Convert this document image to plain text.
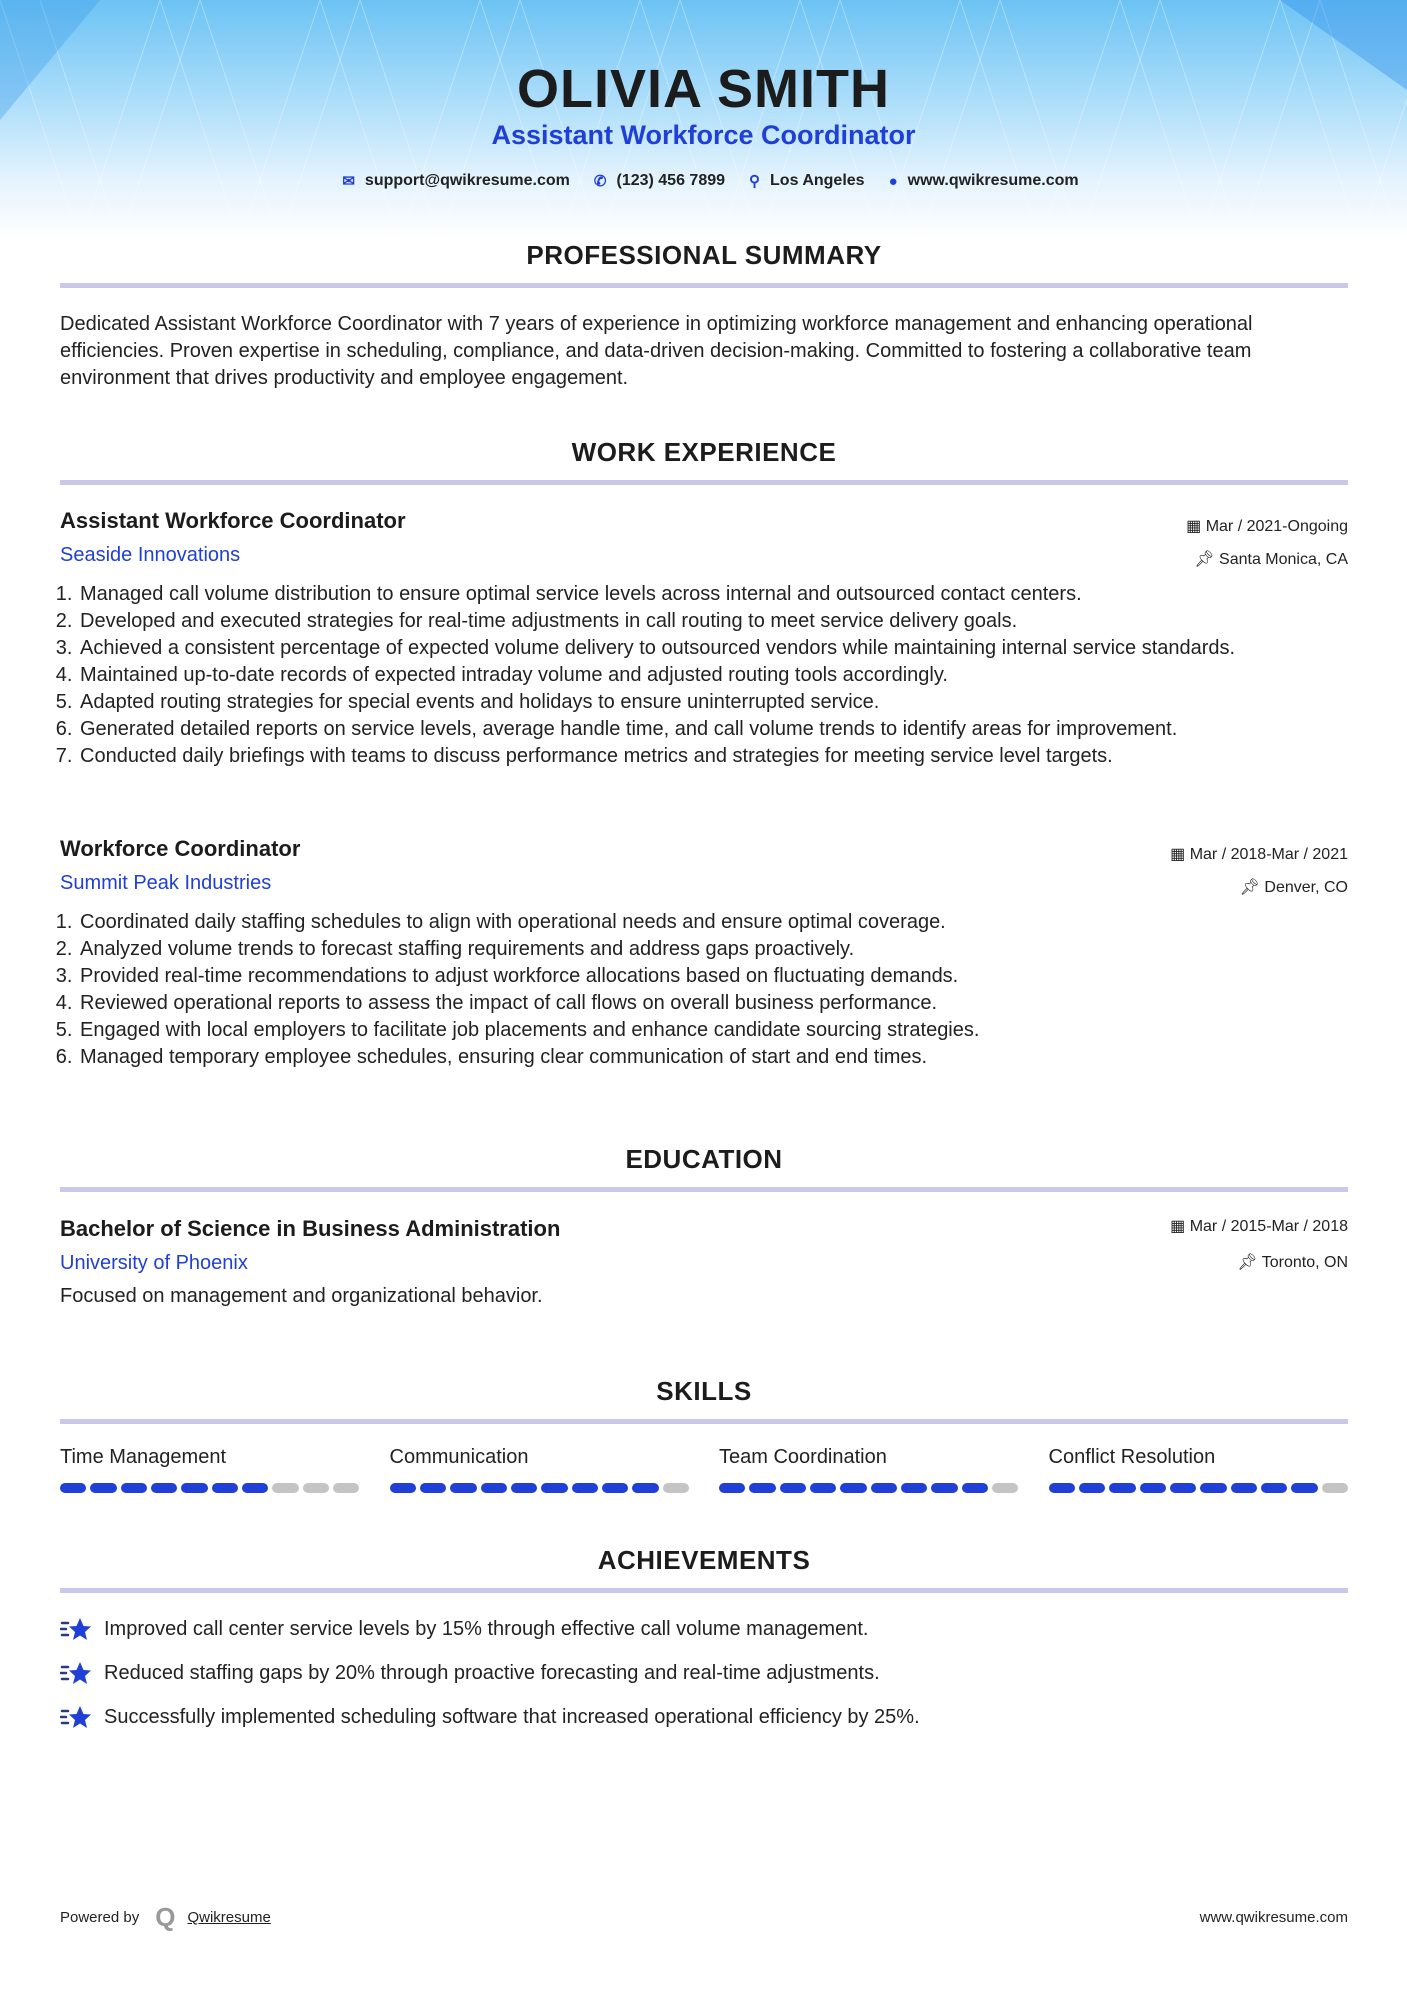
OLIVIA SMITH
Assistant Workforce Coordinator
✉ support@qwikresume.com ✆ (123) 456 7899 ⚲ Los Angeles ● www.qwikresume.com
PROFESSIONAL SUMMARY
Dedicated Assistant Workforce Coordinator with 7 years of experience in optimizing workforce management and enhancing operational efficiencies. Proven expertise in scheduling, compliance, and data-driven decision-making. Committed to fostering a collaborative team environment that drives productivity and employee engagement.
WORK EXPERIENCE
▦ Mar / 2021-Ongoing
📌︎ Santa Monica, CA
Assistant Workforce Coordinator
Seaside Innovations
1. Managed call volume distribution to ensure optimal service levels across internal and outsourced contact centers.
2. Developed and executed strategies for real-time adjustments in call routing to meet service delivery goals.
3. Achieved a consistent percentage of expected volume delivery to outsourced vendors while maintaining internal service standards.
4. Maintained up-to-date records of expected intraday volume and adjusted routing tools accordingly.
5. Adapted routing strategies for special events and holidays to ensure uninterrupted service.
6. Generated detailed reports on service levels, average handle time, and call volume trends to identify areas for improvement.
7. Conducted daily briefings with teams to discuss performance metrics and strategies for meeting service level targets.
▦ Mar / 2018-Mar / 2021
📌︎ Denver, CO
Workforce Coordinator
Summit Peak Industries
1. Coordinated daily staffing schedules to align with operational needs and ensure optimal coverage.
2. Analyzed volume trends to forecast staffing requirements and address gaps proactively.
3. Provided real-time recommendations to adjust workforce allocations based on fluctuating demands.
4. Reviewed operational reports to assess the impact of call flows on overall business performance.
5. Engaged with local employers to facilitate job placements and enhance candidate sourcing strategies.
6. Managed temporary employee schedules, ensuring clear communication of start and end times.
EDUCATION
▦ Mar / 2015-Mar / 2018
📌︎ Toronto, ON
Bachelor of Science in Business Administration
University of Phoenix
Focused on management and organizational behavior.
SKILLS
Time Management	Communication	Team Coordination	Conflict Resolution
ACHIEVEMENTS
Improved call center service levels by 15% through effective call volume management.
Reduced staffing gaps by 20% through proactive forecasting and real-time adjustments.
Successfully implemented scheduling software that increased operational efficiency by 25%.
Powered by Q Qwikresume	www.qwikresume.com
